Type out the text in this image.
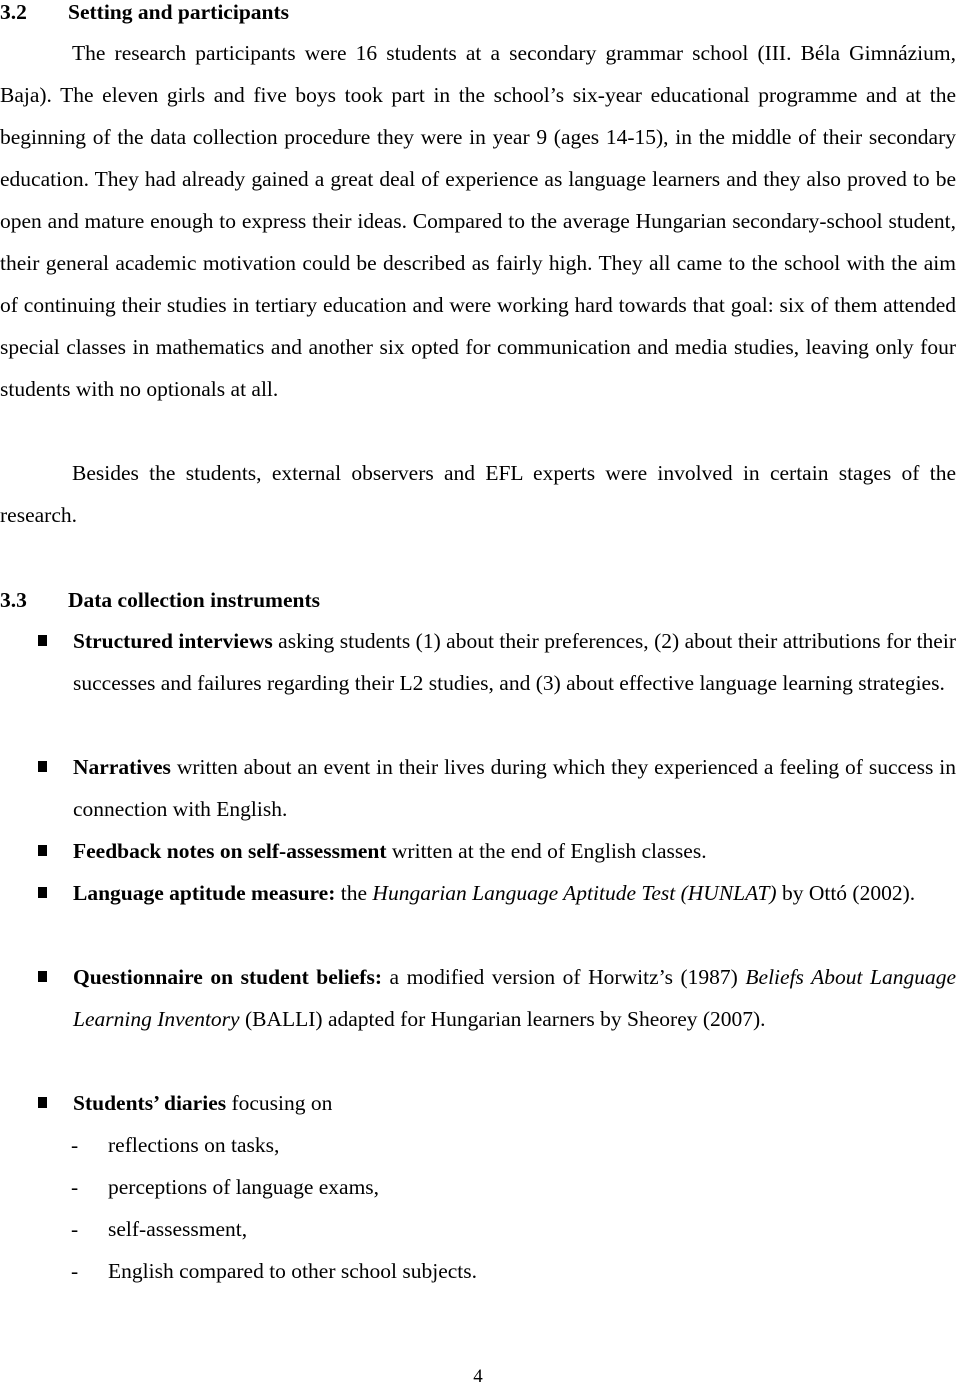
3.2 Setting and participants

The research participants were 16 students at a secondary grammar school (III. Béla Gimnázium, Baja). The eleven girls and five boys took part in the school’s six-year educational programme and at the beginning of the data collection procedure they were in year 9 (ages 14-15), in the middle of their secondary education. They had already gained a great deal of experience as language learners and they also proved to be open and mature enough to express their ideas. Compared to the average Hungarian secondary-school student, their general academic motivation could be described as fairly high. They all came to the school with the aim of continuing their studies in tertiary education and were working hard towards that goal: six of them attended special classes in mathematics and another six opted for communication and media studies, leaving only four students with no optionals at all.

Besides the students, external observers and EFL experts were involved in certain stages of the research.

3.3 Data collection instruments
Structured interviews asking students (1) about their preferences, (2) about their attributions for their successes and failures regarding their L2 studies, and (3) about effective language learning strategies.
Narratives written about an event in their lives during which they experienced a feeling of success in connection with English.
Feedback notes on self-assessment written at the end of English classes.
Language aptitude measure: the Hungarian Language Aptitude Test (HUNLAT) by Ottó (2002).
Questionnaire on student beliefs: a modified version of Horwitz’s (1987) Beliefs About Language Learning Inventory (BALLI) adapted for Hungarian learners by Sheorey (2007).
Students’ diaries focusing on
- reflections on tasks,
- perceptions of language exams,
- self-assessment,
- English compared to other school subjects.
4
